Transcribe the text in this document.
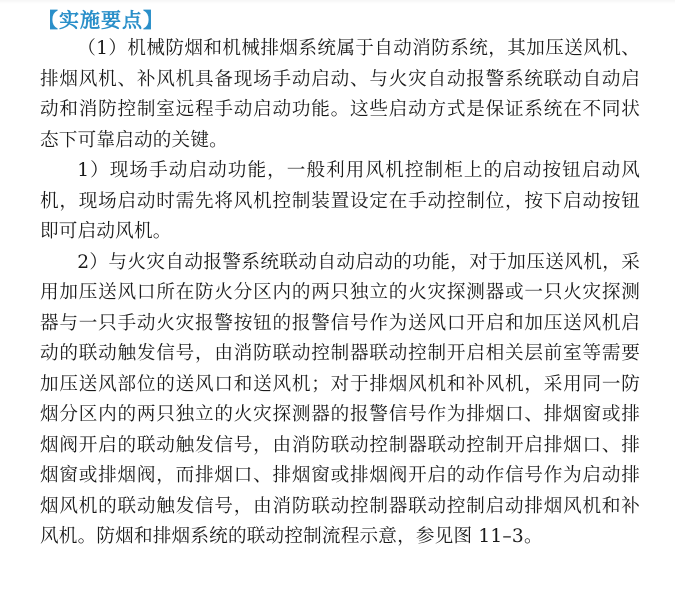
【实施要点】

（1）机械防烟和机械排烟系统属于自动消防系统，其加压送风机、排烟风机、补风机具备现场手动启动、与火灾自动报警系统联动自动启动和消防控制室远程手动启动功能。这些启动方式是保证系统在不同状态下可靠启动的关键。

1）现场手动启动功能，一般利用风机控制柜上的启动按钮启动风机，现场启动时需先将风机控制装置设定在手动控制位，按下启动按钮即可启动风机。

2）与火灾自动报警系统联动自动启动的功能，对于加压送风机，采用加压送风口所在防火分区内的两只独立的火灾探测器或一只火灾探测器与一只手动火灾报警按钮的报警信号作为送风口开启和加压送风机启动的联动触发信号，由消防联动控制器联动控制开启相关层前室等需要加压送风部位的送风口和送风机；对于排烟风机和补风机，采用同一防烟分区内的两只独立的火灾探测器的报警信号作为排烟口、排烟窗或排烟阀开启的联动触发信号，由消防联动控制器联动控制开启排烟口、排烟窗或排烟阀，而排烟口、排烟窗或排烟阀开启的动作信号作为启动排烟风机的联动触发信号，由消防联动控制器联动控制启动排烟风机和补风机。防烟和排烟系统的联动控制流程示意，参见图 11–3。
